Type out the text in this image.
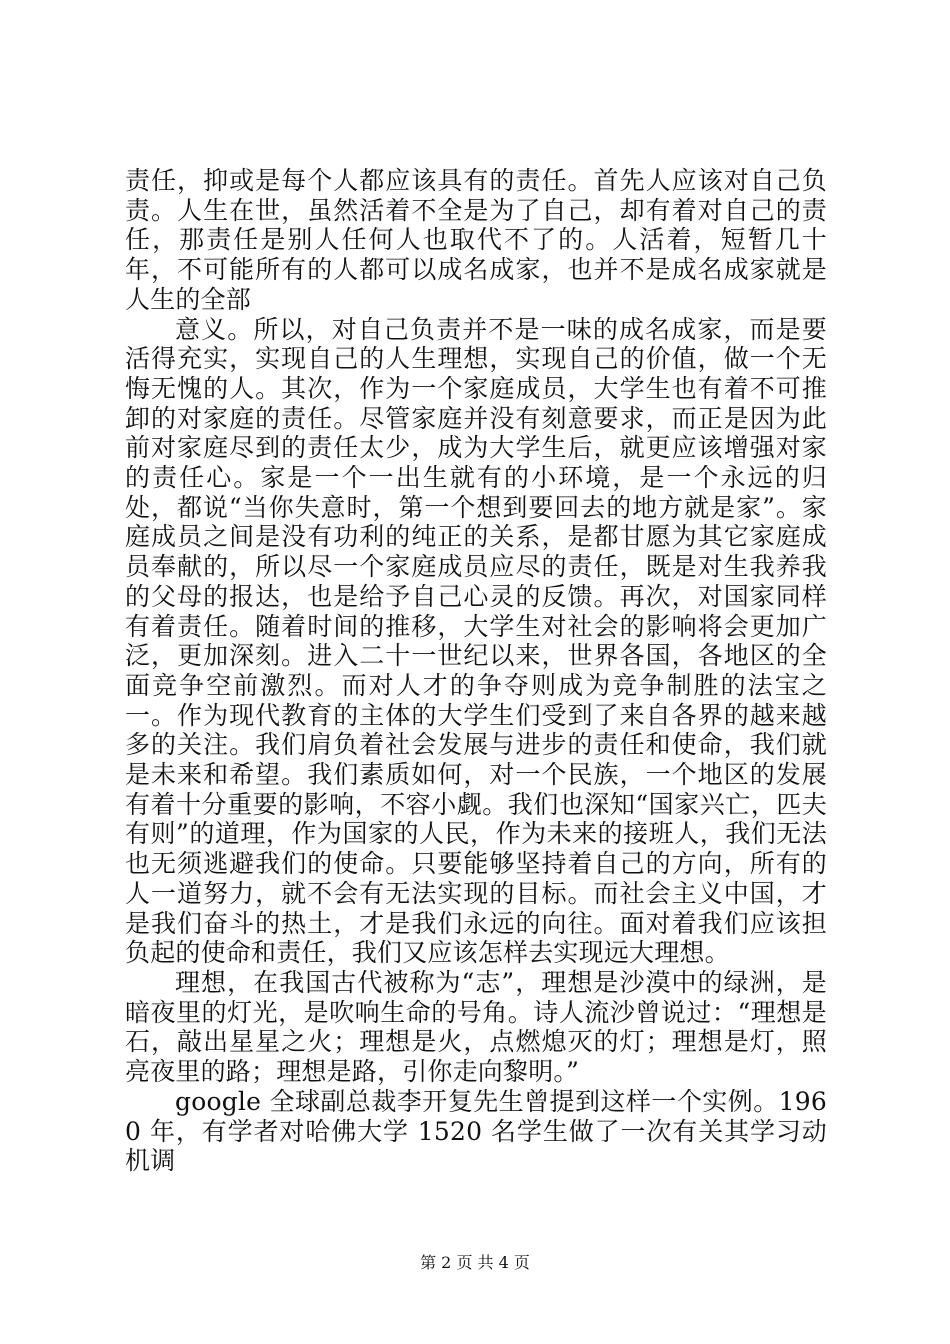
责任，抑或是每个人都应该具有的责任。首先人应该对自己负责。人生在世，虽然活着不全是为了自己，却有着对自己的责任，那责任是别人任何人也取代不了的。人活着，短暂几十年，不可能所有的人都可以成名成家，也并不是成名成家就是人生的全部

意义。所以，对自己负责并不是一味的成名成家，而是要活得充实，实现自己的人生理想，实现自己的价值，做一个无悔无愧的人。其次，作为一个家庭成员，大学生也有着不可推卸的对家庭的责任。尽管家庭并没有刻意要求，而正是因为此前对家庭尽到的责任太少，成为大学生后，就更应该增强对家的责任心。家是一个一出生就有的小环境，是一个永远的归处，都说“当你失意时，第一个想到要回去的地方就是家”。家庭成员之间是没有功利的纯正的关系，是都甘愿为其它家庭成员奉献的，所以尽一个家庭成员应尽的责任，既是对生我养我的父母的报达，也是给予自己心灵的反馈。再次，对国家同样有着责任。随着时间的推移，大学生对社会的影响将会更加广泛，更加深刻。进入二十一世纪以来，世界各国，各地区的全面竞争空前激烈。而对人才的争夺则成为竞争制胜的法宝之一。作为现代教育的主体的大学生们受到了来自各界的越来越多的关注。我们肩负着社会发展与进步的责任和使命，我们就是未来和希望。我们素质如何，对一个民族，一个地区的发展有着十分重要的影响，不容小觑。我们也深知“国家兴亡，匹夫有则”的道理，作为国家的人民，作为未来的接班人，我们无法也无须逃避我们的使命。只要能够坚持着自己的方向，所有的人一道努力，就不会有无法实现的目标。而社会主义中国，才是我们奋斗的热土，才是我们永远的向往。面对着我们应该担负起的使命和责任，我们又应该怎样去实现远大理想。

理想，在我国古代被称为“志”，理想是沙漠中的绿洲，是暗夜里的灯光，是吹响生命的号角。诗人流沙曾说过：“理想是石，敲出星星之火；理想是火，点燃熄灭的灯；理想是灯，照亮夜里的路；理想是路，引你走向黎明。”

google 全球副总裁李开复先生曾提到这样一个实例。1960 年，有学者对哈佛大学 1520 名学生做了一次有关其学习动机调

第 2 页 共 4 页
